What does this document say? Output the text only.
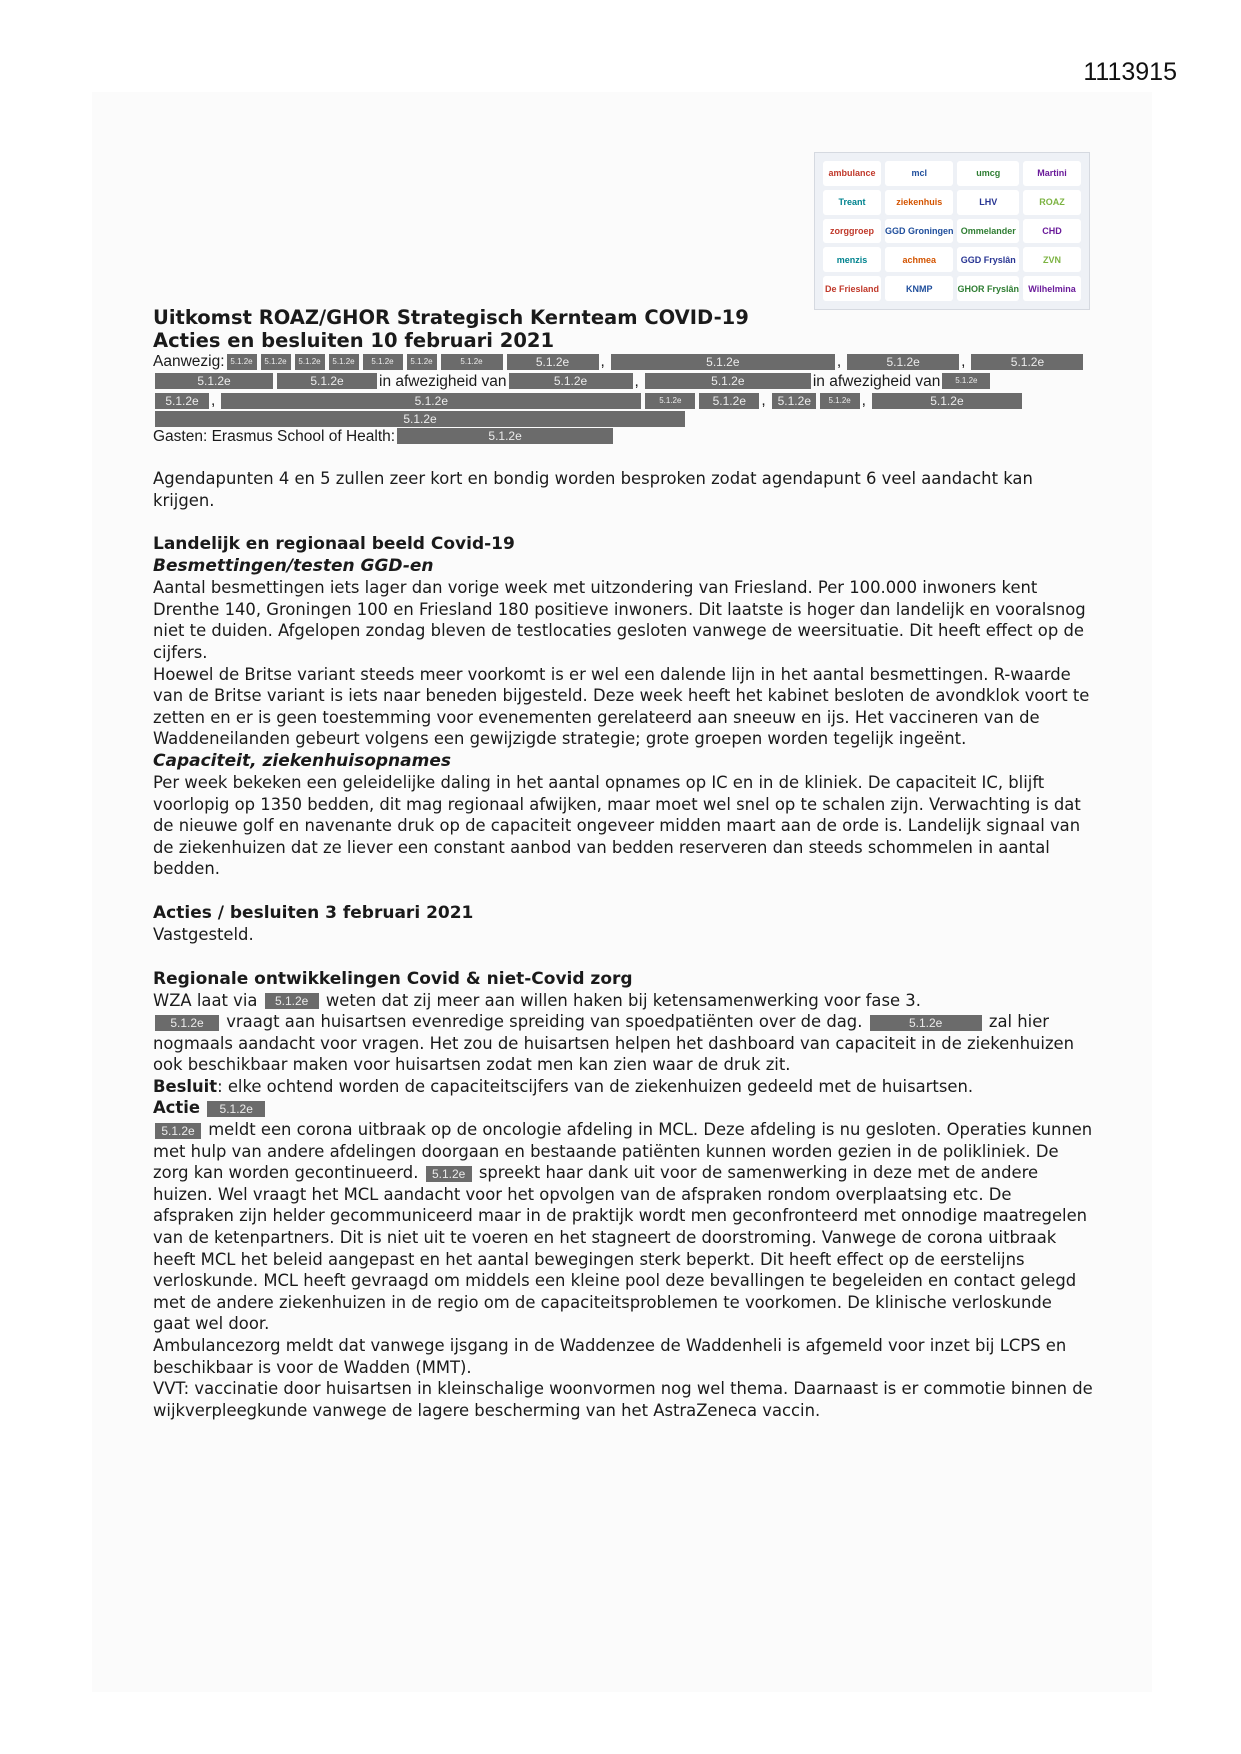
1113915
ambulance	mcl	umcg	Martini
Treant	ziekenhuis	LHV	ROAZ
zorggroep	GGD Groningen Ommelander	CHD
menzis	achmea	GGD Fryslân	ZVN
De Friesland	KNMP	GHOR Fryslân	Wilhelmina
Uitkomst ROAZ/GHOR Strategisch Kernteam COVID-19
Acties en besluiten 10 februari 2021
Aanwezig: 5.1.2e	5.1.2e	5.1.2e	5.1.2e	5.1.2e	5.1.2e	5.1.2e	5.1.2e	,	5.1.2e	,	5.1.2e	,	5.1.2e
5.1.2e	5.1.2e	in afwezigheid van	5.1.2e	,	5.1.2e	in afwezigheid van	5.1.2e
5.1.2e ,	5.1.2e	5.1.2e	5.1.2e ,	5.1.2e	5.1.2e ,	5.1.2e
5.1.2e
Gasten: Erasmus School of Health:	5.1.2e

Agendapunten 4 en 5 zullen zeer kort en bondig worden besproken zodat agendapunt 6 veel aandacht kan krijgen.

Landelijk en regionaal beeld Covid-19
Besmettingen/testen GGD-en

Aantal besmettingen iets lager dan vorige week met uitzondering van Friesland. Per 100.000 inwoners kent Drenthe 140, Groningen 100 en Friesland 180 positieve inwoners. Dit laatste is hoger dan landelijk en vooralsnog niet te duiden. Afgelopen zondag bleven de testlocaties gesloten vanwege de weersituatie. Dit heeft effect op de cijfers.

Hoewel de Britse variant steeds meer voorkomt is er wel een dalende lijn in het aantal besmettingen. R-waarde van de Britse variant is iets naar beneden bijgesteld. Deze week heeft het kabinet besloten de avondklok voort te zetten en er is geen toestemming voor evenementen gerelateerd aan sneeuw en ijs. Het vaccineren van de Waddeneilanden gebeurt volgens een gewijzigde strategie; grote groepen worden tegelijk ingeënt.

Capaciteit, ziekenhuisopnames

Per week bekeken een geleidelijke daling in het aantal opnames op IC en in de kliniek. De capaciteit IC, blijft voorlopig op 1350 bedden, dit mag regionaal afwijken, maar moet wel snel op te schalen zijn. Verwachting is dat de nieuwe golf en navenante druk op de capaciteit ongeveer midden maart aan de orde is. Landelijk signaal van de ziekenhuizen dat ze liever een constant aanbod van bedden reserveren dan steeds schommelen in aantal bedden.

Acties / besluiten 3 februari 2021

Vastgesteld.

Regionale ontwikkelingen Covid & niet-Covid zorg

WZA laat via 5.1.2e weten dat zij meer aan willen haken bij ketensamenwerking voor fase 3.

5.1.2e vraagt aan huisartsen evenredige spreiding van spoedpatiënten over de dag.	5.1.2e	zal hier nogmaals aandacht voor vragen. Het zou de huisartsen helpen het dashboard van capaciteit in de ziekenhuizen ook beschikbaar maken voor huisartsen zodat men kan zien waar de druk zit.

Besluit: elke ochtend worden de capaciteitscijfers van de ziekenhuizen gedeeld met de huisartsen.

Actie 5.1.2e

5.1.2e meldt een corona uitbraak op de oncologie afdeling in MCL. Deze afdeling is nu gesloten. Operaties kunnen met hulp van andere afdelingen doorgaan en bestaande patiënten kunnen worden gezien in de polikliniek. De zorg kan worden gecontinueerd. 5.1.2e spreekt haar dank uit voor de samenwerking in deze met de andere huizen. Wel vraagt het MCL aandacht voor het opvolgen van de afspraken rondom overplaatsing etc. De afspraken zijn helder gecommuniceerd maar in de praktijk wordt men geconfronteerd met onnodige maatregelen van de ketenpartners. Dit is niet uit te voeren en het stagneert de doorstroming. Vanwege de corona uitbraak heeft MCL het beleid aangepast en het aantal bewegingen sterk beperkt. Dit heeft effect op de eerstelijns verloskunde. MCL heeft gevraagd om middels een kleine pool deze bevallingen te begeleiden en contact gelegd met de andere ziekenhuizen in de regio om de capaciteitsproblemen te voorkomen. De klinische verloskunde gaat wel door.

Ambulancezorg meldt dat vanwege ijsgang in de Waddenzee de Waddenheli is afgemeld voor inzet bij LCPS en beschikbaar is voor de Wadden (MMT).

VVT: vaccinatie door huisartsen in kleinschalige woonvormen nog wel thema. Daarnaast is er commotie binnen de wijkverpleegkunde vanwege de lagere bescherming van het AstraZeneca vaccin.
